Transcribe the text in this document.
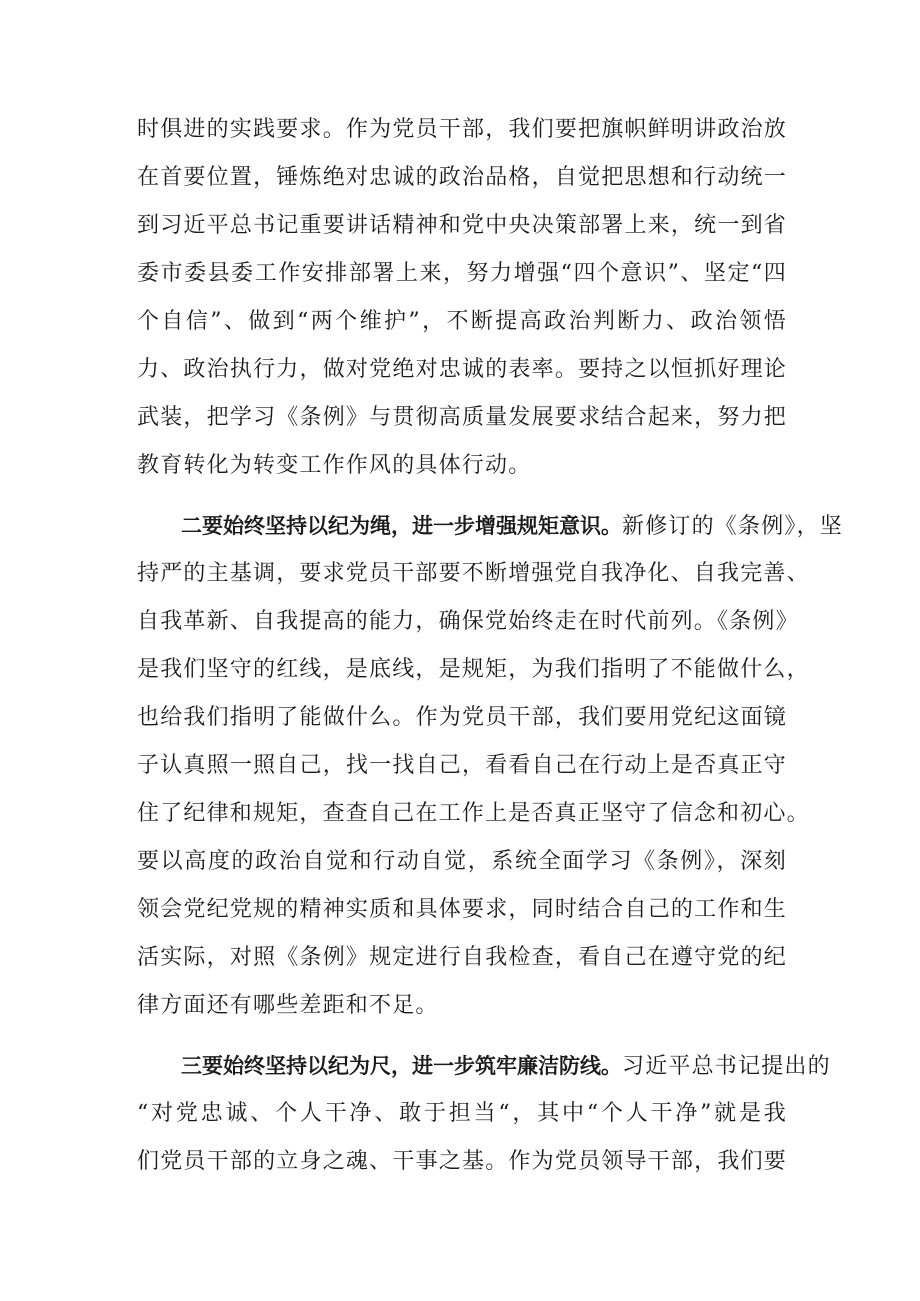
时俱进的实践要求。作为党员干部，我们要把旗帜鲜明讲政治放
在首要位置，锤炼绝对忠诚的政治品格，自觉把思想和行动统一
到习近平总书记重要讲话精神和党中央决策部署上来，统一到省
委市委县委工作安排部署上来，努力增强“四个意识”、坚定“四
个自信”、做到“两个维护”，不断提高政治判断力、政治领悟
力、政治执行力，做对党绝对忠诚的表率。要持之以恒抓好理论
武装，把学习《条例》与贯彻高质量发展要求结合起来，努力把
教育转化为转变工作作风的具体行动。
二要始终坚持以纪为绳，进一步增强规矩意识。新修订的《条例》，坚
持严的主基调，要求党员干部要不断增强党自我净化、自我完善、
自我革新、自我提高的能力，确保党始终走在时代前列。《条例》
是我们坚守的红线，是底线，是规矩，为我们指明了不能做什么，
也给我们指明了能做什么。作为党员干部，我们要用党纪这面镜
子认真照一照自己，找一找自己，看看自己在行动上是否真正守
住了纪律和规矩，查查自己在工作上是否真正坚守了信念和初心。
要以高度的政治自觉和行动自觉，系统全面学习《条例》，深刻
领会党纪党规的精神实质和具体要求，同时结合自己的工作和生
活实际，对照《条例》规定进行自我检查，看自己在遵守党的纪
律方面还有哪些差距和不足。
三要始终坚持以纪为尺，进一步筑牢廉洁防线。习近平总书记提出的
“对党忠诚、个人干净、敢于担当“，其中“个人干净”就是我
们党员干部的立身之魂、干事之基。作为党员领导干部，我们要
